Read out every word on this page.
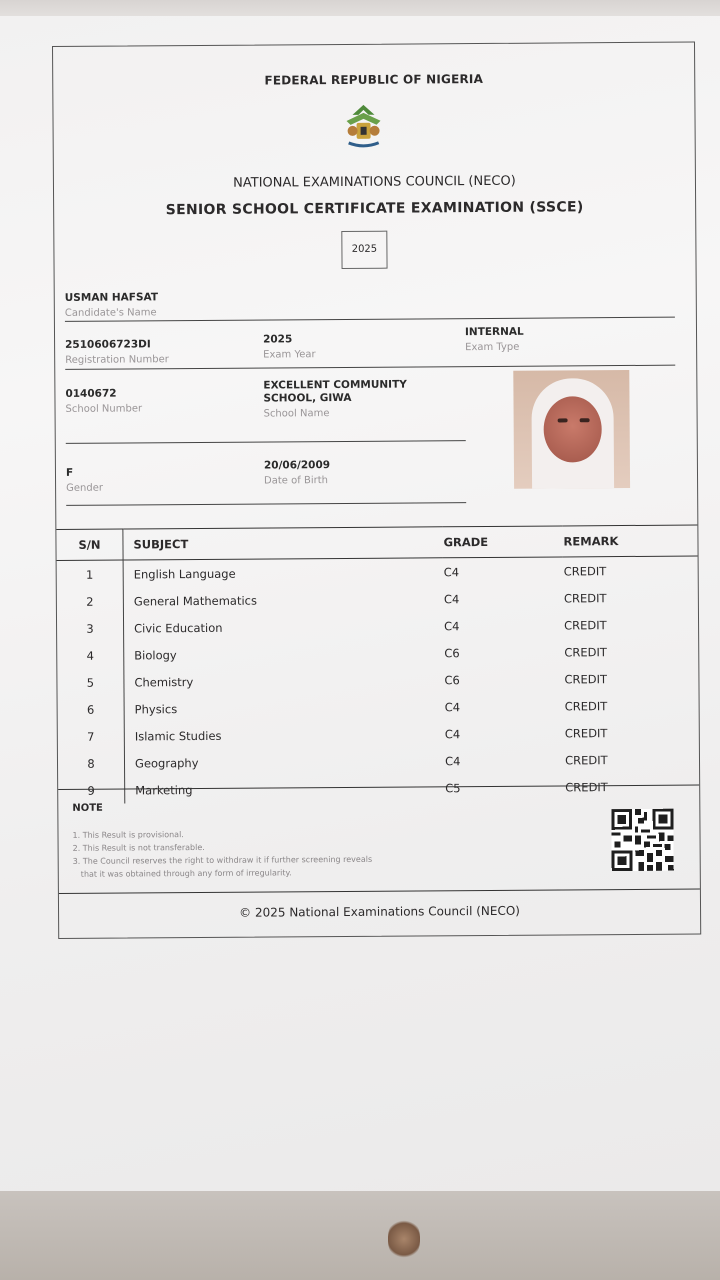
FEDERAL REPUBLIC OF NIGERIA
NATIONAL EXAMINATIONS COUNCIL (NECO)
SENIOR SCHOOL CERTIFICATE EXAMINATION (SSCE)
2025
USMAN HAFSAT
Candidate's Name
2510606723DI
Registration Number
2025
Exam Year
INTERNAL
Exam Type
0140672
School Number
EXCELLENT COMMUNITY SCHOOL, GIWA
School Name
F
Gender
20/06/2009
Date of Birth
S/N	SUBJECT	GRADE	REMARK
1	English Language	C4	CREDIT
2	General Mathematics	C4	CREDIT
3	Civic Education	C4	CREDIT
4	Biology	C6	CREDIT
5	Chemistry	C6	CREDIT
6	Physics	C4	CREDIT
7	Islamic Studies	C4	CREDIT
8	Geography	C4	CREDIT
9	Marketing	C5	CREDIT
NOTE
1. This Result is provisional.
2. This Result is not transferable.
3. The Council reserves the right to withdraw it if further screening reveals
that it was obtained through any form of irregularity.
© 2025 National Examinations Council (NECO)
